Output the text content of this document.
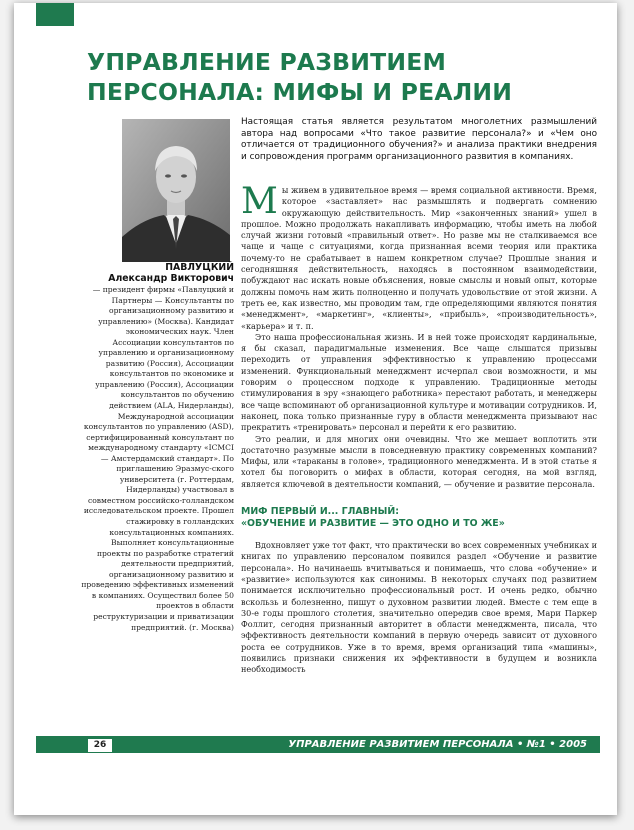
УПРАВЛЕНИЕ РАЗВИТИЕМ
ПЕРСОНАЛА: МИФЫ И РЕАЛИИ
ПАВЛУЦКИЙ
Александр Викторович
— президент фирмы «Павлуцкий и Партнеры — Консультанты по организационному развитию и управлению» (Москва). Кандидат экономических наук. Член Ассоциации консультантов по управлению и организационному развитию (Россия), Ассоциации консультантов по экономике и управлению (Россия), Ассоциации консультантов по обучению действием (ALA, Нидерланды), Международной ассоциации консультантов по управлению (ASD), сертифицированный консультант по международному стандарту «ICMCI — Амстердамский стандарт». По приглашению Эразмус-ского университета (г. Роттердам, Нидерланды) участвовал в совместном российско-голландском исследовательском проекте. Прошел стажировку в голландских консультационных компаниях. Выполняет консультационные проекты по разработке стратегий деятельности предприятий, организационному развитию и проведению эффективных изменений в компаниях. Осуществил более 50 проектов в области реструктуризации и приватизации предприятий. (г. Москва)
Настоящая статья является результатом многолетних размышлений автора над вопросами «Что такое развитие персонала?» и «Чем оно отличается от традиционного обучения?» и анализа практики внедрения и сопровождения программ организационного развития в компаниях.

Мы живем в удивительное время — время социальной активности. Время, которое «заставляет» нас размышлять и подвергать сомнению окружающую действительность. Мир «законченных знаний» ушел в прошлое. Можно продолжать накапливать информацию, чтобы иметь на любой случай жизни готовый «правильный ответ». Но разве мы не сталкиваемся все чаще и чаще с ситуациями, когда признанная всеми теория или практика почему-то не срабатывает в нашем конкретном случае? Прошлые знания и сегодняшняя действительность, находясь в постоянном взаимодействии, побуждают нас искать новые объяснения, новые смыслы и новый опыт, которые должны помочь нам жить полноценно и получать удовольствие от этой жизни. А треть ее, как известно, мы проводим там, где определяющими являются понятия «менеджмент», «маркетинг», «клиенты», «прибыль», «производительность», «карьера» и т. п.

Это наша профессиональная жизнь. И в ней тоже происходят кардинальные, я бы сказал, парадигмальные изменения. Все чаще слышатся призывы переходить от управления эффективностью к управлению процессами изменений. Функциональный менеджмент исчерпал свои возможности, и мы говорим о процессном подходе к управлению. Традиционные методы стимулирования в эру «знающего работника» перестают работать, и менеджеры все чаще вспоминают об организационной культуре и мотивации сотрудников. И, наконец, пока только признанные гуру в области менеджмента призывают нас прекратить «тренировать» персонал и перейти к его развитию.

Это реалии, и для многих они очевидны. Что же мешает воплотить эти достаточно разумные мысли в повседневную практику современных компаний? Мифы, или «тараканы в голове», традиционного менеджмента. И в этой статье я хотел бы поговорить о мифах в области, которая сегодня, на мой взгляд, является ключевой в деятельности компаний, — обучение и развитие персонала.

МИФ ПЕРВЫЙ И... ГЛАВНЫЙ:
«ОБУЧЕНИЕ И РАЗВИТИЕ — ЭТО ОДНО И ТО ЖЕ»

Вдохновляет уже тот факт, что практически во всех современных учебниках и книгах по управлению персоналом появился раздел «Обучение и развитие персонала». Но начинаешь вчитываться и понимаешь, что слова «обучение» и «развитие» используются как синонимы. В некоторых случаях под развитием понимается исключительно профессиональный рост. И очень редко, обычно вскользь и болезненно, пишут о духовном развитии людей. Вместе с тем еще в 30-е годы прошлого столетия, значительно опередив свое время, Мари Паркер Фоллит, сегодня признанный авторитет в области менеджмента, писала, что эффективность деятельности компаний в первую очередь зависит от духовного роста ее сотрудников. Уже в то время, время организаций типа «машины», появились признаки снижения их эффективности в будущем и возникла необходимость

26	УПРАВЛЕНИЕ РАЗВИТИЕМ ПЕРСОНАЛА • №1 • 2005
